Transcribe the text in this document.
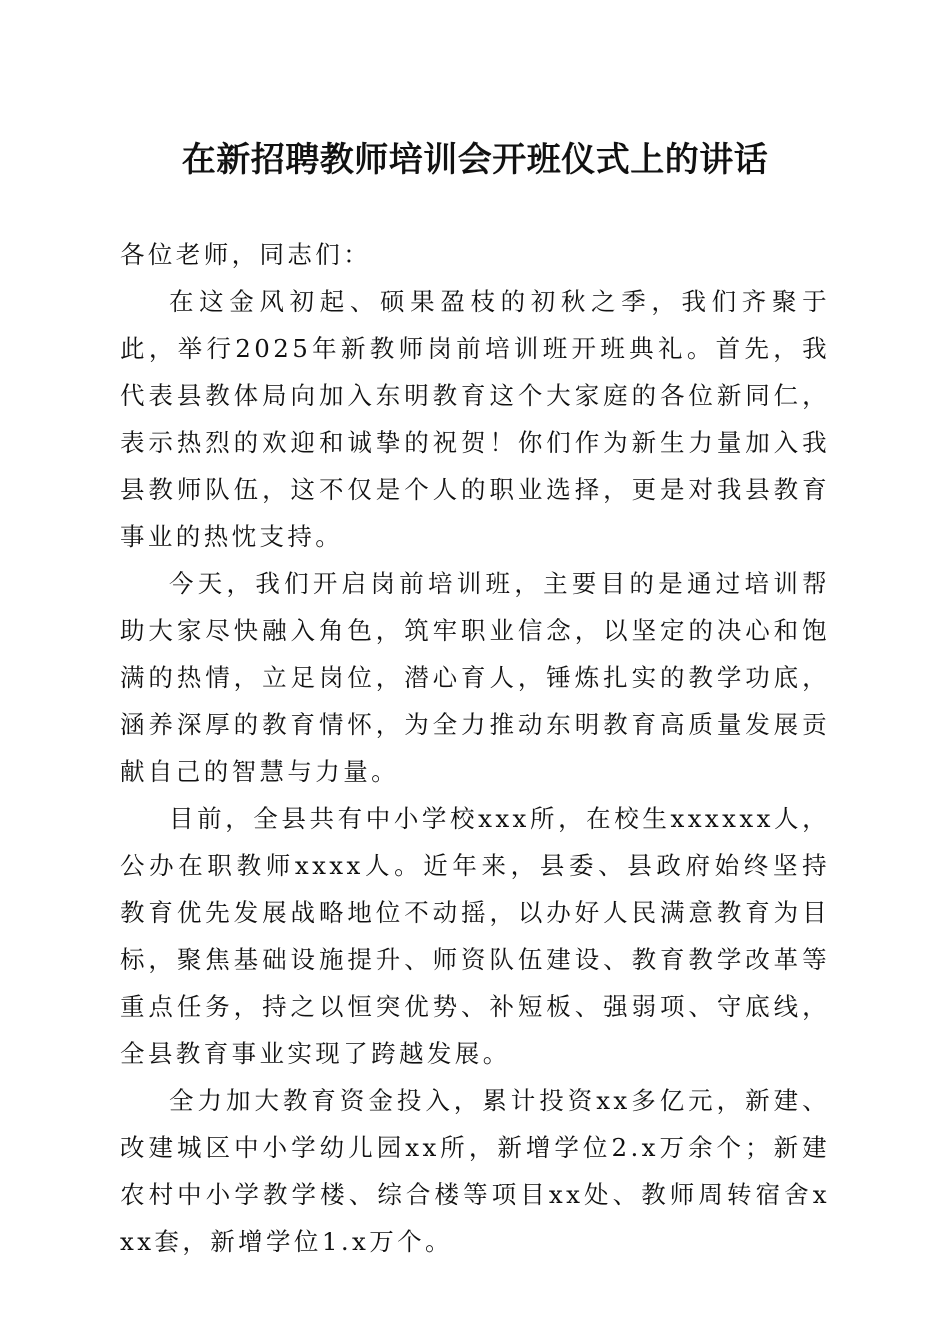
在新招聘教师培训会开班仪式上的讲话

各位老师，同志们：

在这金风初起、硕果盈枝的初秋之季，我们齐聚于此，举行2025年新教师岗前培训班开班典礼。首先，我代表县教体局向加入东明教育这个大家庭的各位新同仁，表示热烈的欢迎和诚挚的祝贺！你们作为新生力量加入我县教师队伍，这不仅是个人的职业选择，更是对我县教育事业的热忱支持。

今天，我们开启岗前培训班，主要目的是通过培训帮助大家尽快融入角色，筑牢职业信念，以坚定的决心和饱满的热情，立足岗位，潜心育人，锤炼扎实的教学功底，涵养深厚的教育情怀，为全力推动东明教育高质量发展贡献自己的智慧与力量。

目前，全县共有中小学校xxx所，在校生xxxxxx人，公办在职教师xxxx人。近年来，县委、县政府始终坚持教育优先发展战略地位不动摇，以办好人民满意教育为目标，聚焦基础设施提升、师资队伍建设、教育教学改革等重点任务，持之以恒突优势、补短板、强弱项、守底线，全县教育事业实现了跨越发展。

全力加大教育资金投入，累计投资xx多亿元，新建、改建城区中小学幼儿园xx所，新增学位2.x万余个；新建农村中小学教学楼、综合楼等项目xx处、教师周转宿舍xxx套，新增学位1.x万个。
